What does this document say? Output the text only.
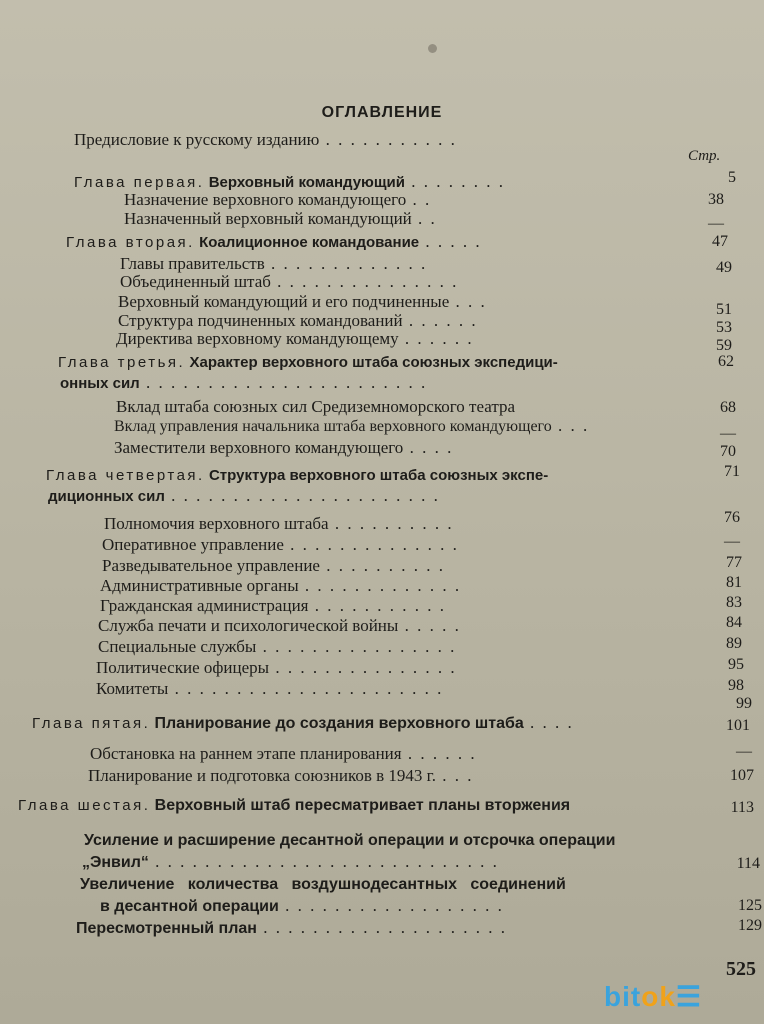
ОГЛАВЛЕНИЕ
Предисловие к русскому изданию . . . . . . . . . . .
Стр.
Глава первая. Верховный командующий . . . . . . . .	5
Назначение верховного командующего . .	38
Назначенный верховный командующий . .	—
Глава вторая. Коалиционное командование . . . . .	47
Главы правительств . . . . . . . . . . . . .	49
Объединенный штаб . . . . . . . . . . . . . . .
Верховный командующий и его подчиненные . . .	51
Структура подчиненных командований . . . . . .	53
Директива верховному командующему . . . . . .	59
Глава третья. Характер верховного штаба союзных экспедици-	62
онных сил . . . . . . . . . . . . . . . . . . . . . . .
Вклад штаба союзных сил Средиземноморского театра	68
Вклад управления начальника штаба верховного командующего . . .	—
Заместители верховного командующего . . . .	70
Глава четвертая. Структура верховного штаба союзных экспе-	71
диционных сил . . . . . . . . . . . . . . . . . . . . . .
Полномочия верховного штаба . . . . . . . . . .	76
Оперативное управление . . . . . . . . . . . . . .	—
Разведывательное управление . . . . . . . . . .	77
Административные органы . . . . . . . . . . . . .	81
Гражданская администрация . . . . . . . . . . .	83
Служба печати и психологической войны . . . . .	84
Специальные службы . . . . . . . . . . . . . . . .	89
Политические офицеры . . . . . . . . . . . . . . .	95
Комитеты . . . . . . . . . . . . . . . . . . . . . .	98
99
Глава пятая. Планирование до создания верховного штаба . . . .	101
Обстановка на раннем этапе планирования . . . . . .	—
Планирование и подготовка союзников в 1943 г. . . .	107
Глава шестая. Верховный штаб пересматривает планы вторжения	113
Усиление и расширение десантной операции и отсрочка операции
„Энвил“ . . . . . . . . . . . . . . . . . . . . . . . . . . . .	114
Увеличение   количества   воздушнодесантных   соединений
в десантной операции . . . . . . . . . . . . . . . . . .	125
Пересмотренный план . . . . . . . . . . . . . . . . . . . .	129
525
bitok☰
